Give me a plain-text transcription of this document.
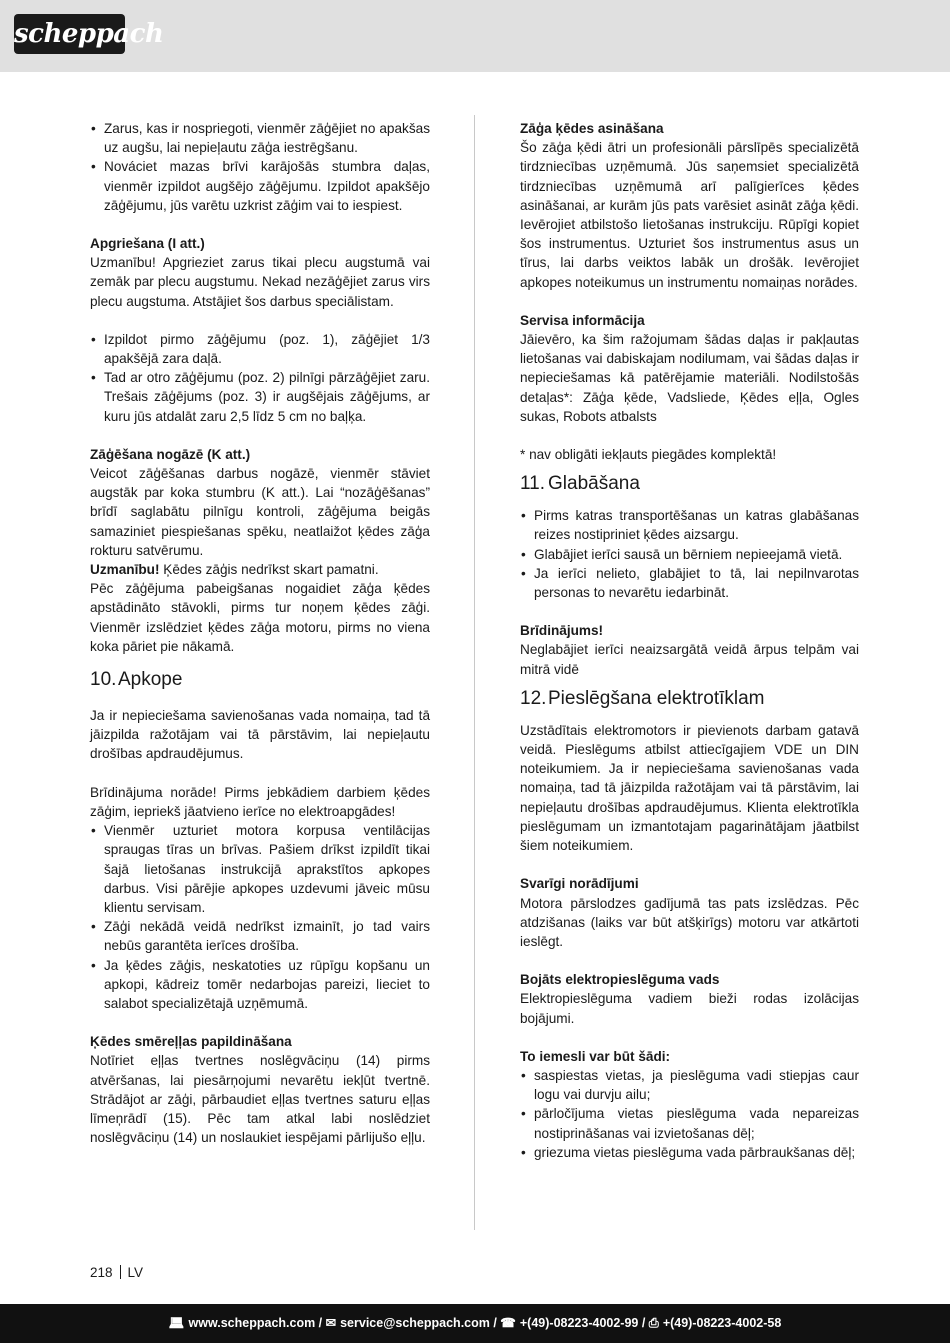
scheppach
• Zarus, kas ir nospriegoti, vienmēr zāģējiet no apakšas uz augšu, lai nepieļautu zāģa iestrēgšanu.
• Nováciet mazas brīvi karājošās stumbra daļas, vienmēr izpildot augšējo zāģējumu. Izpildot apakšējo zāģējumu, jūs varētu uzkrist zāģim vai to iespiest.

Apgriešana (I att.)

Uzmanību! Apgrieziet zarus tikai plecu augstumā vai zemāk par plecu augstumu. Nekad nezāģējiet zarus virs plecu augstuma. Atstājiet šos darbus speciālistam.

• Izpildot pirmo zāģējumu (poz. 1), zāģējiet 1/3 apakšējā zara daļā.
• Tad ar otro zāģējumu (poz. 2) pilnīgi pārzāģējiet zaru. Trešais zāģējums (poz. 3) ir augšējais zāģējums, ar kuru jūs atdalāt zaru 2,5 līdz 5 cm no baļķa.

Zāģēšana nogāzē (K att.)

Veicot zāģēšanas darbus nogāzē, vienmēr stāviet augstāk par koka stumbru (K att.). Lai “nozāģēšanas” brīdī saglabātu pilnīgu kontroli, zāģējuma beigās samaziniet piespiešanas spēku, neatlaižot ķēdes zāģa rokturu satvērumu.

Uzmanību! Ķēdes zāģis nedrīkst skart pamatni.

Pēc zāģējuma pabeigšanas nogaidiet zāģa ķēdes apstādināto stāvokli, pirms tur noņem ķēdes zāģi. Vienmēr izslēdziet ķēdes zāģa motoru, pirms no viena koka pāriet pie nākamā.

10.Apkope

Ja ir nepieciešama savienošanas vada nomaiņa, tad tā jāizpilda ražotājam vai tā pārstāvim, lai nepieļautu drošības apdraudējumus.

Brīdinājuma norāde! Pirms jebkādiem darbiem ķēdes zāģim, iepriekš jāatvieno ierīce no elektroapgādes!

• Vienmēr uzturiet motora korpusa ventilācijas spraugas tīras un brīvas. Pašiem drīkst izpildīt tikai šajā lietošanas instrukcijā aprakstītos apkopes darbus. Visi pārējie apkopes uzdevumi jāveic mūsu klientu servisam.
• Zāģi nekādā veidā nedrīkst izmainīt, jo tad vairs nebūs garantēta ierīces drošība.
• Ja ķēdes zāģis, neskatoties uz rūpīgu kopšanu un apkopi, kādreiz tomēr nedarbojas pareizi, lieciet to salabot specializētajā uzņēmumā.

Ķēdes smēreļļas papildināšana

Notīriet eļļas tvertnes noslēgvāciņu (14) pirms atvēršanas, lai piesārņojumi nevarētu iekļūt tvertnē. Strādājot ar zāģi, pārbaudiet eļļas tvertnes saturu eļļas līmeņrādī (15). Pēc tam atkal labi noslēdziet noslēgvāciņu (14) un noslaukiet iespējami pārlijušo eļļu.

Zāģa ķēdes asināšana

Šo zāģa ķēdi ātri un profesionāli pārslīpēs specializētā tirdzniecības uzņēmumā. Jūs saņemsiet specializētā tirdzniecības uzņēmumā arī palīgierīces ķēdes asināšanai, ar kurām jūs pats varēsiet asināt zāģa ķēdi. Ievērojiet atbilstošo lietošanas instrukciju. Rūpīgi kopiet šos instrumentus. Uzturiet šos instrumentus asus un tīrus, lai darbs veiktos labāk un drošāk. Ievērojiet apkopes noteikumus un instrumentu nomaiņas norādes.

Servisa informācija

Jāievēro, ka šim ražojumam šādas daļas ir pakļautas lietošanas vai dabiskajam nodilumam, vai šādas daļas ir nepieciešamas kā patērējamie materiāli. Nodilstošās detaļas*: Zāģa ķēde, Vadsliede, Ķēdes eļļa, Ogles sukas, Robots atbalsts

* nav obligāti iekļauts piegādes komplektā!

11. Glabāšana
• Pirms katras transportēšanas un katras glabāšanas reizes nostipriniet ķēdes aizsargu.
• Glabājiet ierīci sausā un bērniem nepieejamā vietā.
• Ja ierīci nelieto, glabājiet to tā, lai nepilnvarotas personas to nevarētu iedarbināt.

Brīdinājums!

Neglabājiet ierīci neaizsargātā veidā ārpus telpām vai mitrā vidē

12.Pieslēgšana elektrotīklam

Uzstādītais elektromotors ir pievienots darbam gatavā veidā. Pieslēgums atbilst attiecīgajiem VDE un DIN noteikumiem. Ja ir nepieciešama savienošanas vada nomaiņa, tad tā jāizpilda ražotājam vai tā pārstāvim, lai nepieļautu drošības apdraudējumus. Klienta elektrotīkla pieslēgumam un izmantotajam pagarinātājam jāatbilst šiem noteikumiem.

Svarīgi norādījumi

Motora pārslodzes gadījumā tas pats izslēdzas. Pēc atdzišanas (laiks var būt atšķirīgs) motoru var atkārtoti ieslēgt.

Bojāts elektropieslēguma vads

Elektropieslēguma vadiem bieži rodas izolācijas bojājumi.

To iemesli var būt šādi:

• saspiestas vietas, ja pieslēguma vadi stiepjas caur logu vai durvju ailu;
• pārločījuma vietas pieslēguma vada nepareizas nostiprināšanas vai izvietošanas dēļ;
• griezuma vietas pieslēguma vada pārbraukšanas dēļ;
218 LV
💻︎ www.scheppach.com / ✉︎ service@scheppach.com / ☎︎ +(49)-08223-4002-99 / ⎙ +(49)-08223-4002-58
